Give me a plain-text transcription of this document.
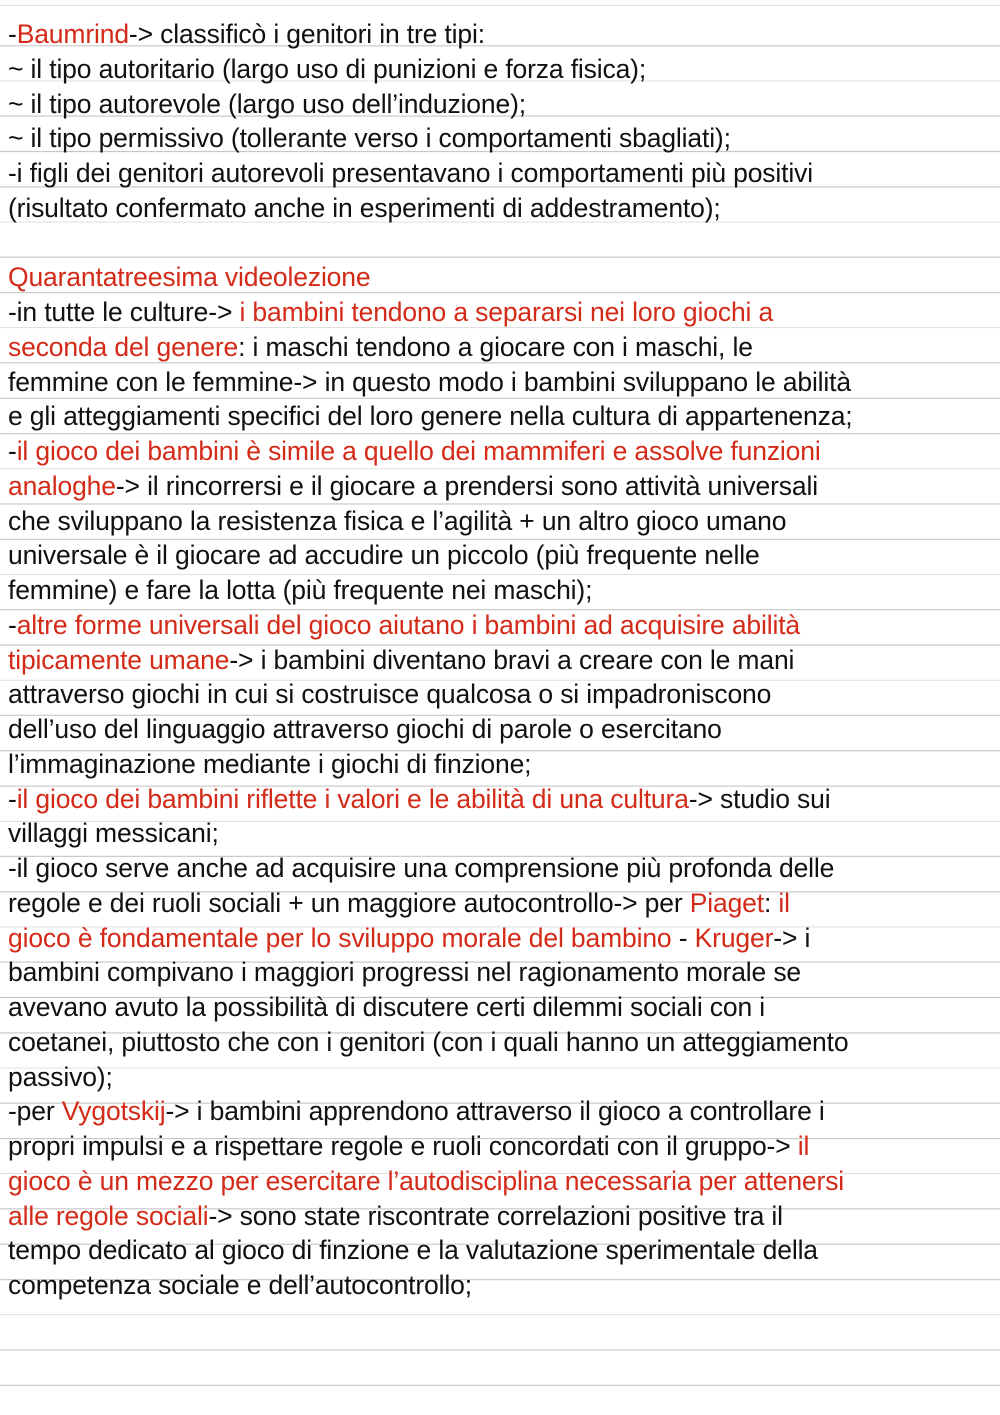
-Baumrind-> classificò i genitori in tre tipi:
~ il tipo autoritario (largo uso di punizioni e forza fisica);
~ il tipo autorevole (largo uso dell’induzione);
~ il tipo permissivo (tollerante verso i comportamenti sbagliati);
-i figli dei genitori autorevoli presentavano i comportamenti più positivi
(risultato confermato anche in esperimenti di addestramento);
Quarantatreesima videolezione
-in tutte le culture-> i bambini tendono a separarsi nei loro giochi a
seconda del genere: i maschi tendono a giocare con i maschi, le
femmine con le femmine-> in questo modo i bambini sviluppano le abilità
e gli atteggiamenti specifici del loro genere nella cultura di appartenenza;
-il gioco dei bambini è simile a quello dei mammiferi e assolve funzioni
analoghe-> il rincorrersi e il giocare a prendersi sono attività universali
che sviluppano la resistenza fisica e l’agilità + un altro gioco umano
universale è il giocare ad accudire un piccolo (più frequente nelle
femmine) e fare la lotta (più frequente nei maschi);
-altre forme universali del gioco aiutano i bambini ad acquisire abilità
tipicamente umane-> i bambini diventano bravi a creare con le mani
attraverso giochi in cui si costruisce qualcosa o si impadroniscono
dell’uso del linguaggio attraverso giochi di parole o esercitano
l’immaginazione mediante i giochi di finzione;
-il gioco dei bambini riflette i valori e le abilità di una cultura-> studio sui
villaggi messicani;
-il gioco serve anche ad acquisire una comprensione più profonda delle
regole e dei ruoli sociali + un maggiore autocontrollo-> per Piaget: il
gioco è fondamentale per lo sviluppo morale del bambino - Kruger-> i
bambini compivano i maggiori progressi nel ragionamento morale se
avevano avuto la possibilità di discutere certi dilemmi sociali con i
coetanei, piuttosto che con i genitori (con i quali hanno un atteggiamento
passivo);
-per Vygotskij-> i bambini apprendono attraverso il gioco a controllare i
propri impulsi e a rispettare regole e ruoli concordati con il gruppo-> il
gioco è un mezzo per esercitare l’autodisciplina necessaria per attenersi
alle regole sociali-> sono state riscontrate correlazioni positive tra il
tempo dedicato al gioco di finzione e la valutazione sperimentale della
competenza sociale e dell’autocontrollo;
